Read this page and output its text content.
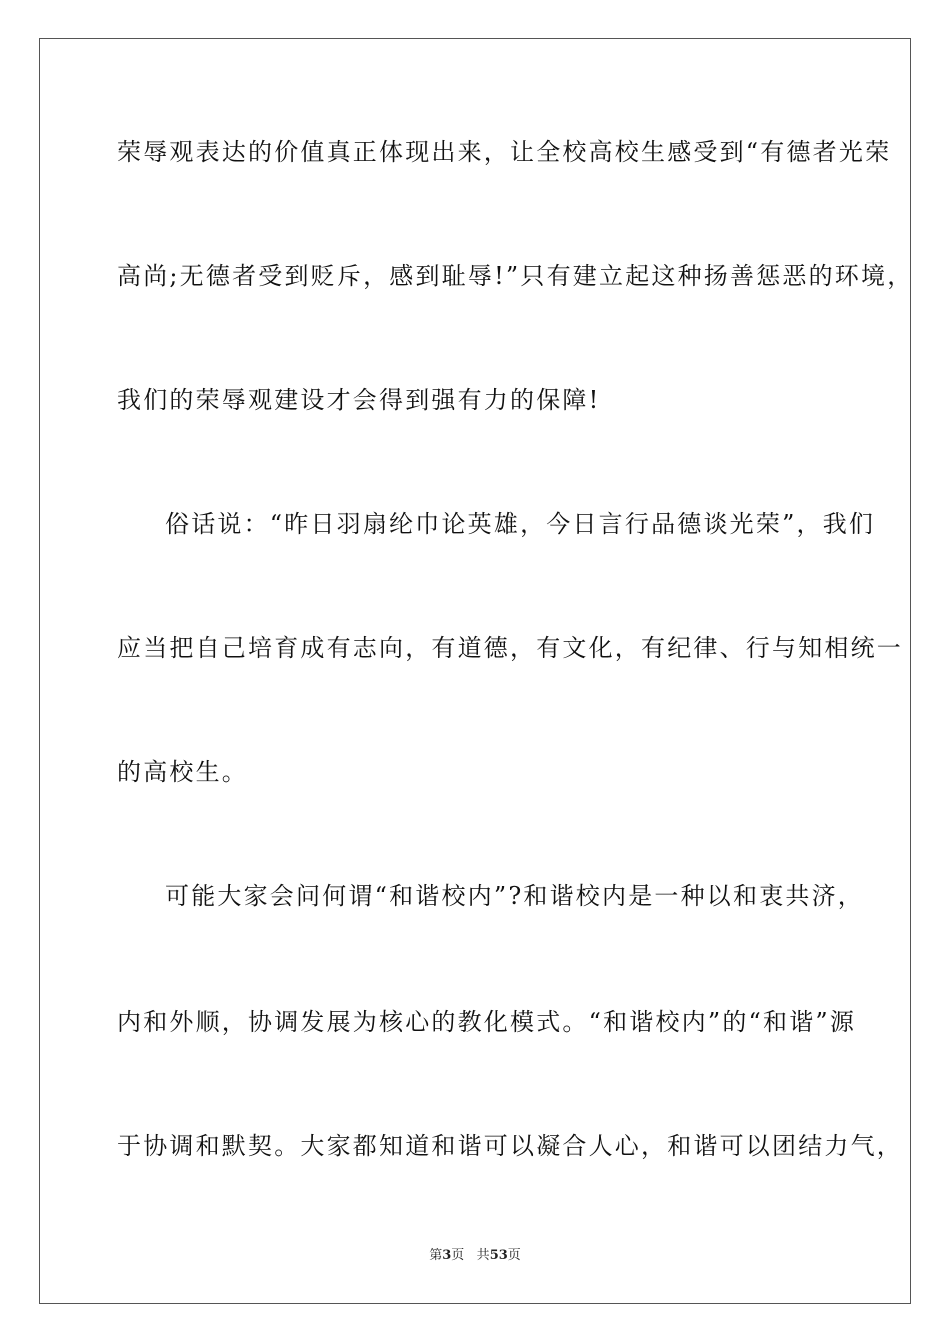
荣辱观表达的价值真正体现出来，让全校高校生感受到“有德者光荣
高尚;无德者受到贬斥，感到耻辱!”只有建立起这种扬善惩恶的环境，
我们的荣辱观建设才会得到强有力的保障!
俗话说：“昨日羽扇纶巾论英雄，今日言行品德谈光荣”，我们
应当把自己培育成有志向，有道德，有文化，有纪律、行与知相统一
的高校生。
可能大家会问何谓“和谐校内”?和谐校内是一种以和衷共济，
内和外顺，协调发展为核心的教化模式。“和谐校内”的“和谐”源
于协调和默契。大家都知道和谐可以凝合人心，和谐可以团结力气，
第3页 共53页
